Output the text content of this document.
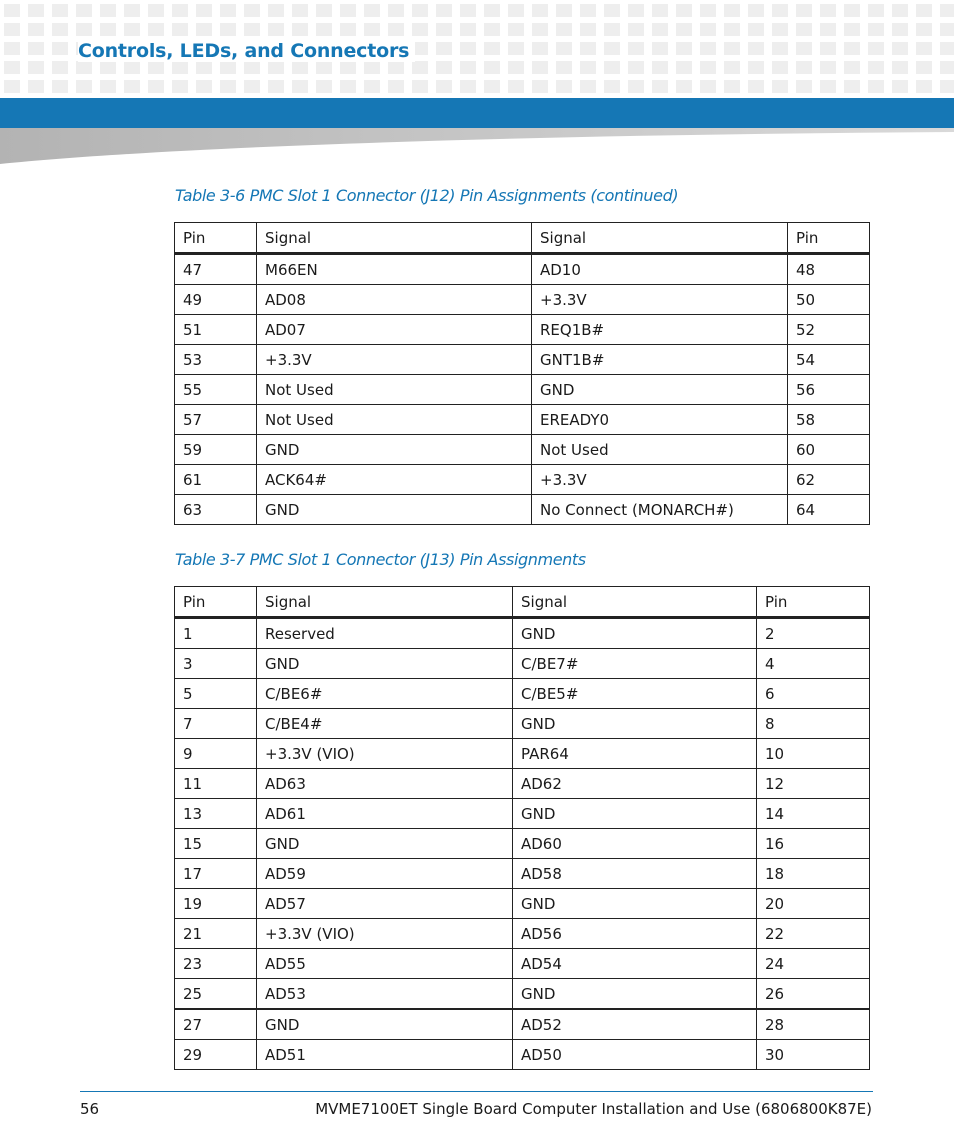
Controls, LEDs, and Connectors
Table 3-6 PMC Slot 1 Connector (J12) Pin Assignments (continued)
Pin	Signal	Signal	Pin
47	M66EN	AD10	48
49	AD08	+3.3V	50
51	AD07	REQ1B#	52
53	+3.3V	GNT1B#	54
55	Not Used	GND	56
57	Not Used	EREADY0	58
59	GND	Not Used	60
61	ACK64#	+3.3V	62
63	GND	No Connect (MONARCH#)	64
Table 3-7 PMC Slot 1 Connector (J13) Pin Assignments
Pin	Signal	Signal	Pin
1	Reserved	GND	2
3	GND	C/BE7#	4
5	C/BE6#	C/BE5#	6
7	C/BE4#	GND	8
9	+3.3V (VIO)	PAR64	10
11	AD63	AD62	12
13	AD61	GND	14
15	GND	AD60	16
17	AD59	AD58	18
19	AD57	GND	20
21	+3.3V (VIO)	AD56	22
23	AD55	AD54	24
25	AD53	GND	26
27	GND	AD52	28
29	AD51	AD50	30
56	MVME7100ET Single Board Computer Installation and Use (6806800K87E)
